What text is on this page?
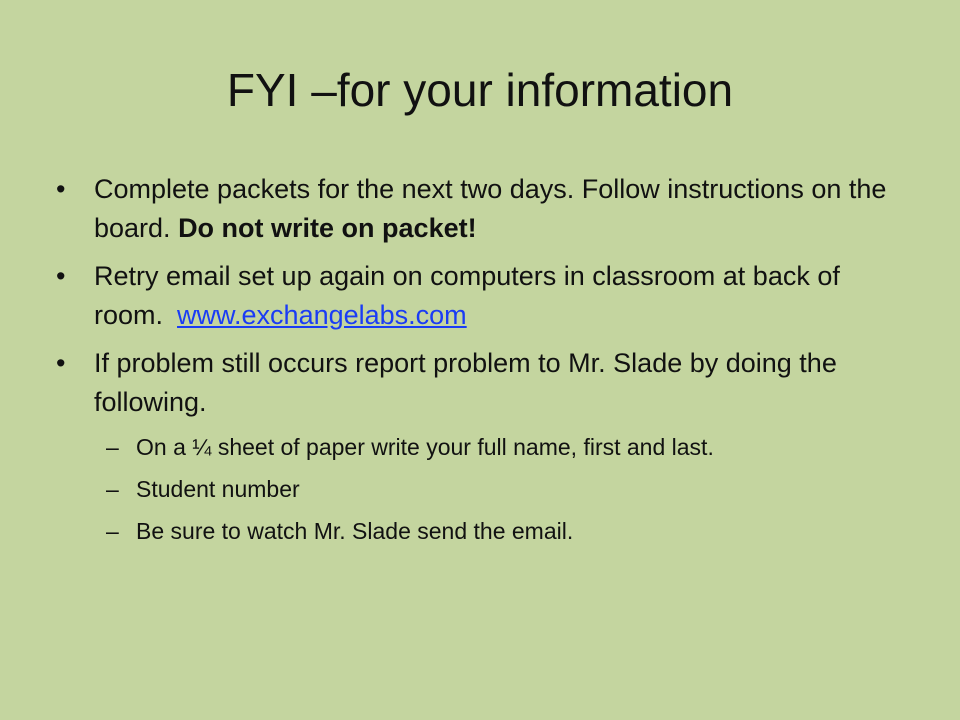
FYI –for your information
•	Complete packets for the next two days. Follow instructions on the board. Do not write on packet!
•	Retry email set up again on computers in classroom at back of room. www.exchangelabs.com
•	If problem still occurs report problem to Mr. Slade by doing the following.
– On a ¼ sheet of paper write your full name, first and last.
– Student number
– Be sure to watch Mr. Slade send the email.
